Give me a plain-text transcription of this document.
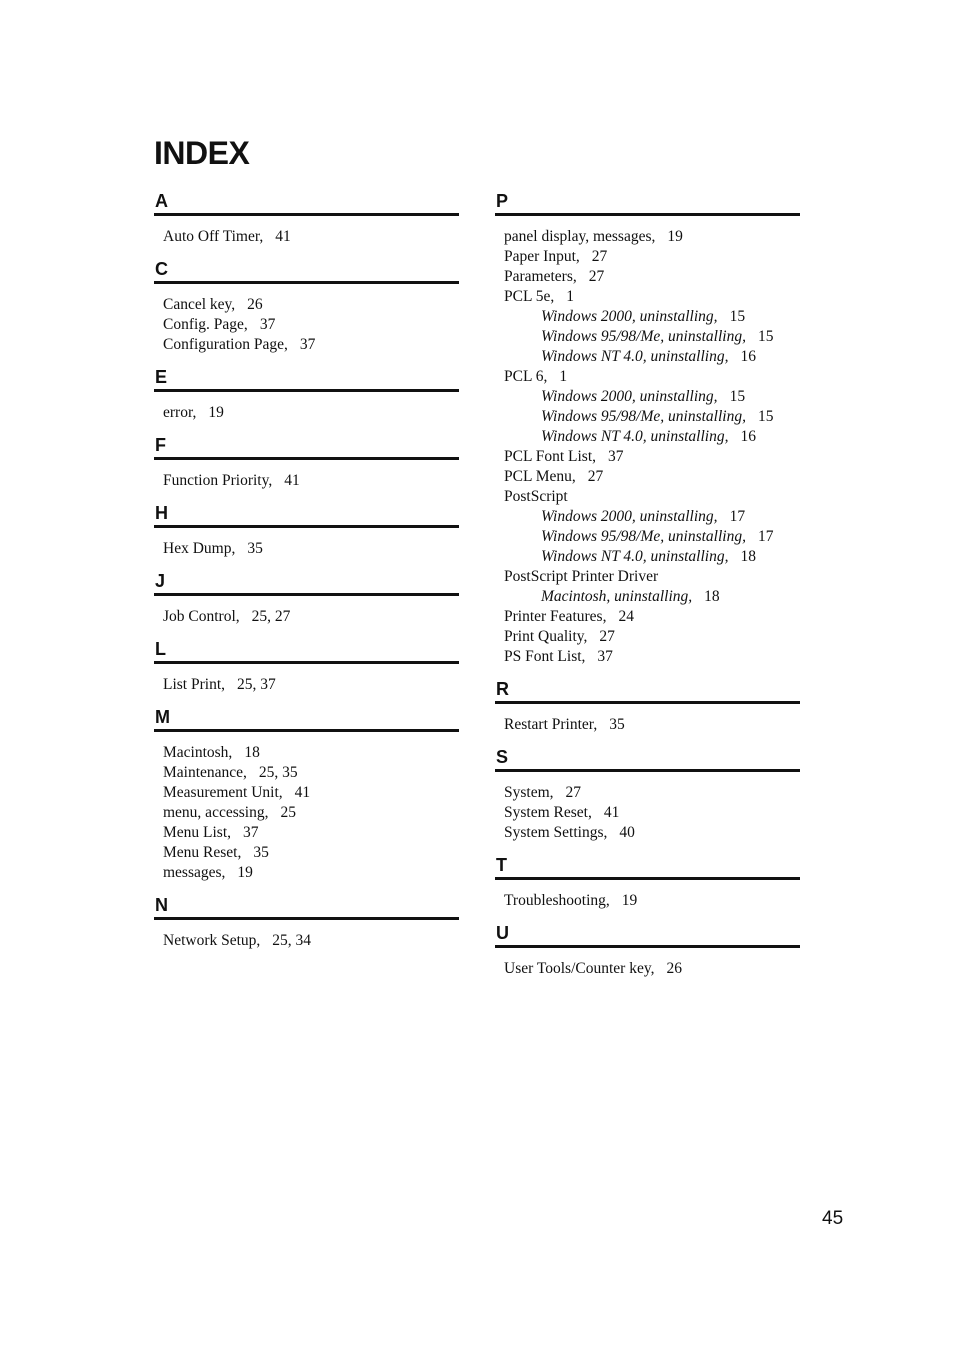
INDEX
A
Auto Off Timer, 41
C
Cancel key, 26
Config. Page, 37
Configuration Page, 37
E
error, 19
F
Function Priority, 41
H
Hex Dump, 35
J
Job Control, 25, 27
L
List Print, 25, 37
M
Macintosh, 18
Maintenance, 25, 35
Measurement Unit, 41
menu, accessing, 25
Menu List, 37
Menu Reset, 35
messages, 19
N
Network Setup, 25, 34
P
panel display, messages, 19
Paper Input, 27
Parameters, 27
PCL 5e, 1
Windows 2000, uninstalling, 15
Windows 95/98/Me, uninstalling, 15
Windows NT 4.0, uninstalling, 16
PCL 6, 1
Windows 2000, uninstalling, 15
Windows 95/98/Me, uninstalling, 15
Windows NT 4.0, uninstalling, 16
PCL Font List, 37
PCL Menu, 27
PostScript
Windows 2000, uninstalling, 17
Windows 95/98/Me, uninstalling, 17
Windows NT 4.0, uninstalling, 18
PostScript Printer Driver
Macintosh, uninstalling, 18
Printer Features, 24
Print Quality, 27
PS Font List, 37
R
Restart Printer, 35
S
System, 27
System Reset, 41
System Settings, 40
T
Troubleshooting, 19
U
User Tools/Counter key, 26
45
